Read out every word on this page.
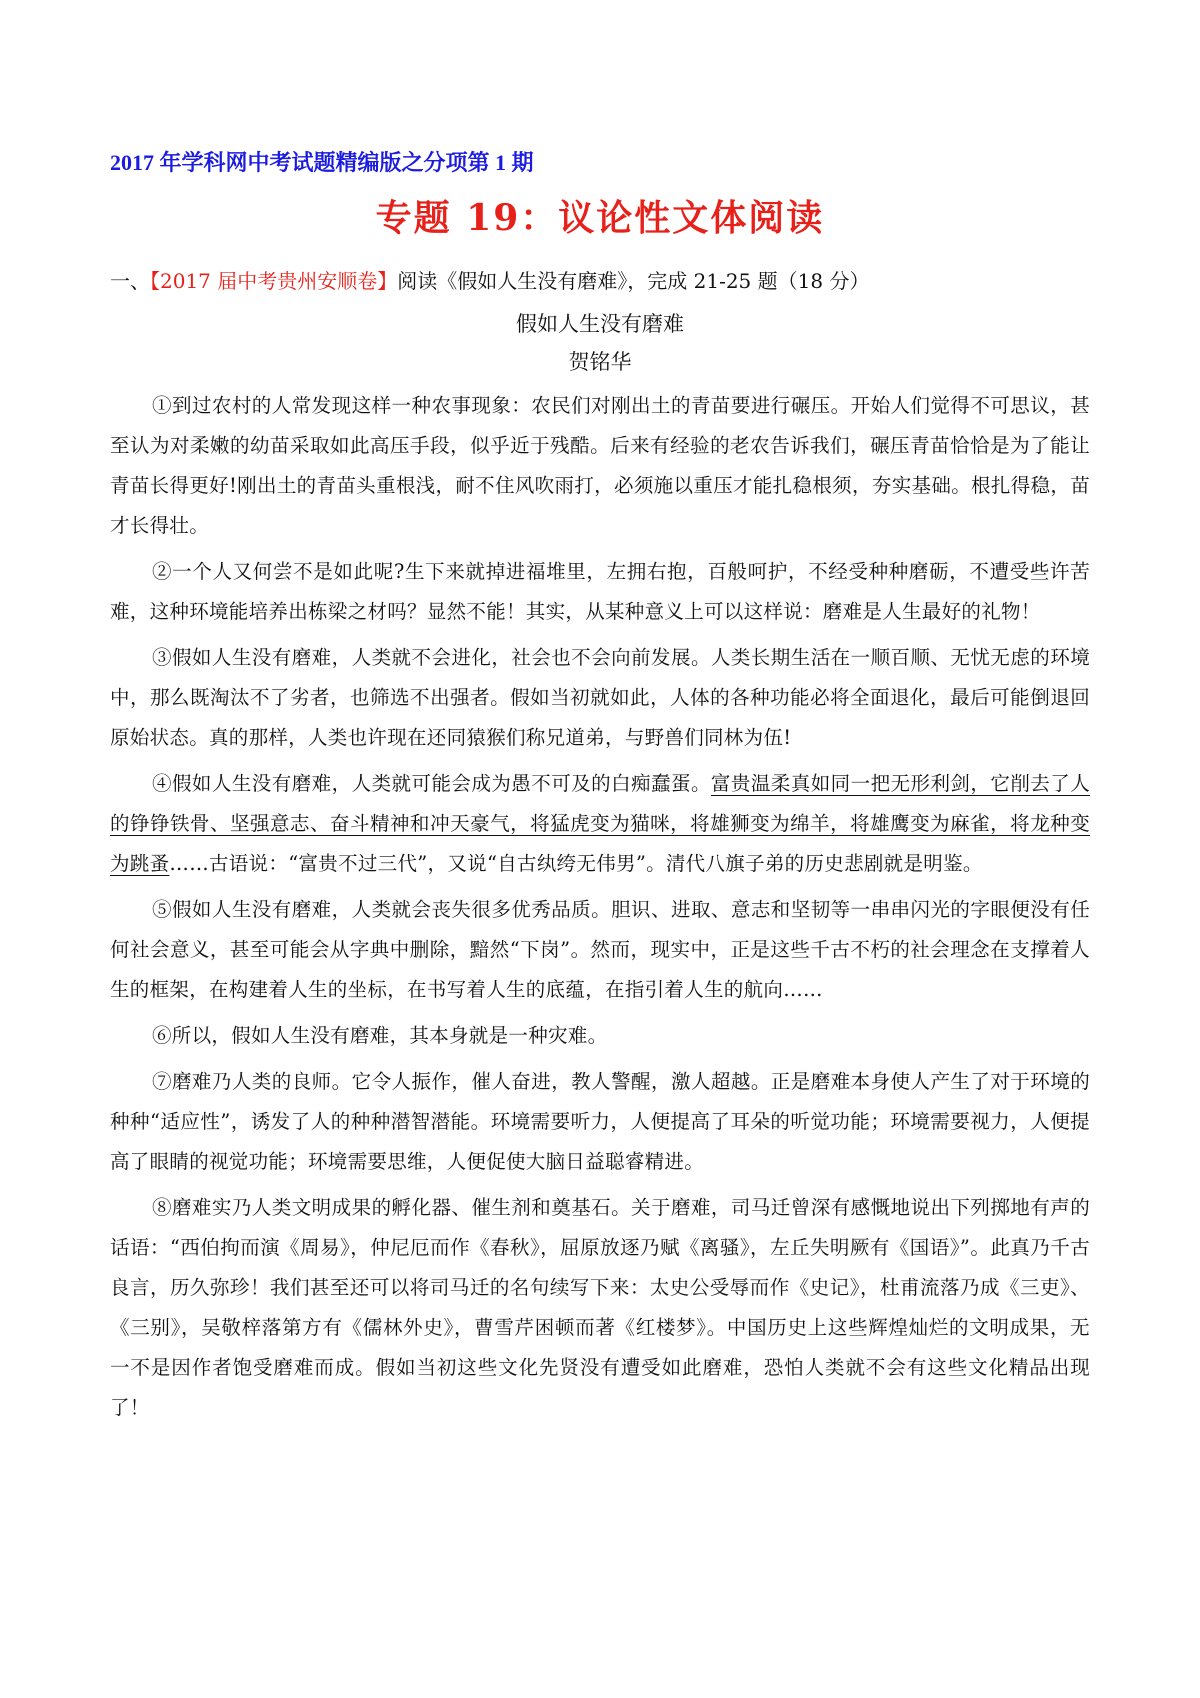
2017 年学科网中考试题精编版之分项第 1 期
专题 19：议论性文体阅读
一、【2017 届中考贵州安顺卷】阅读《假如人生没有磨难》，完成 21-25 题（18 分）
假如人生没有磨难
贺铭华

①到过农村的人常发现这样一种农事现象：农民们对刚出土的青苗要进行碾压。开始人们觉得不可思议，甚至认为对柔嫩的幼苗采取如此高压手段，似乎近于残酷。后来有经验的老农告诉我们，碾压青苗恰恰是为了能让青苗长得更好!刚出土的青苗头重根浅，耐不住风吹雨打，必须施以重压才能扎稳根须，夯实基础。根扎得稳，苗才长得壮。

②一个人又何尝不是如此呢?生下来就掉进福堆里，左拥右抱，百般呵护，不经受种种磨砺，不遭受些许苦难，这种环境能培养出栋梁之材吗？显然不能！其实，从某种意义上可以这样说：磨难是人生最好的礼物！

③假如人生没有磨难，人类就不会进化，社会也不会向前发展。人类长期生活在一顺百顺、无忧无虑的环境中，那么既淘汰不了劣者，也筛选不出强者。假如当初就如此，人体的各种功能必将全面退化，最后可能倒退回原始状态。真的那样，人类也许现在还同猿猴们称兄道弟，与野兽们同林为伍!

④假如人生没有磨难，人类就可能会成为愚不可及的白痴蠢蛋。富贵温柔真如同一把无形利剑，它削去了人的铮铮铁骨、坚强意志、奋斗精神和冲天豪气，将猛虎变为猫咪，将雄狮变为绵羊，将雄鹰变为麻雀，将龙种变为跳蚤……古语说：“富贵不过三代”，又说“自古纨绔无伟男”。清代八旗子弟的历史悲剧就是明鉴。

⑤假如人生没有磨难，人类就会丧失很多优秀品质。胆识、进取、意志和坚韧等一串串闪光的字眼便没有任何社会意义，甚至可能会从字典中删除，黯然“下岗”。然而，现实中，正是这些千古不朽的社会理念在支撑着人生的框架，在构建着人生的坐标，在书写着人生的底蕴，在指引着人生的航向……

⑥所以，假如人生没有磨难，其本身就是一种灾难。

⑦磨难乃人类的良师。它令人振作，催人奋进，教人警醒，激人超越。正是磨难本身使人产生了对于环境的种种“适应性”，诱发了人的种种潜智潜能。环境需要听力，人便提高了耳朵的听觉功能；环境需要视力，人便提高了眼睛的视觉功能；环境需要思维，人便促使大脑日益聪睿精进。

⑧磨难实乃人类文明成果的孵化器、催生剂和奠基石。关于磨难，司马迁曾深有感慨地说出下列掷地有声的话语：“西伯拘而演《周易》，仲尼厄而作《春秋》，屈原放逐乃赋《离骚》，左丘失明厥有《国语》”。此真乃千古良言，历久弥珍！我们甚至还可以将司马迁的名句续写下来：太史公受辱而作《史记》，杜甫流落乃成《三吏》、《三别》，吴敬梓落第方有《儒林外史》，曹雪芹困顿而著《红楼梦》。中国历史上这些辉煌灿烂的文明成果，无一不是因作者饱受磨难而成。假如当初这些文化先贤没有遭受如此磨难，恐怕人类就不会有这些文化精品出现了！
